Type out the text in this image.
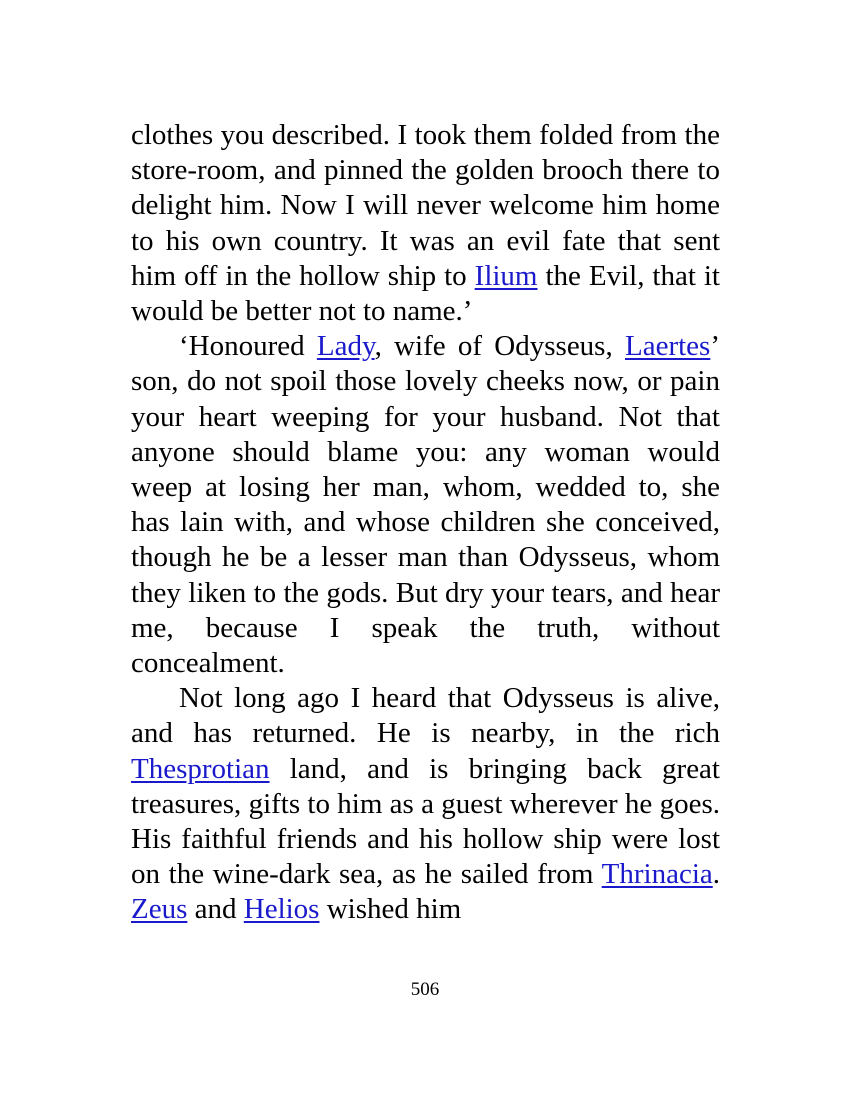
clothes you described. I took them folded from the store-room, and pinned the golden brooch there to delight him. Now I will never welcome him home to his own country. It was an evil fate that sent him off in the hollow ship to Ilium the Evil, that it would be better not to name.’

‘Honoured Lady, wife of Odysseus, Laertes’ son, do not spoil those lovely cheeks now, or pain your heart weeping for your husband. Not that anyone should blame you: any woman would weep at losing her man, whom, wedded to, she has lain with, and whose children she conceived, though he be a lesser man than Odysseus, whom they liken to the gods. But dry your tears, and hear me, because I speak the truth, without concealment.

Not long ago I heard that Odysseus is alive, and has returned. He is nearby, in the rich Thesprotian land, and is bringing back great treasures, gifts to him as a guest wherever he goes. His faithful friends and his hollow ship were lost on the wine-dark sea, as he sailed from Thrinacia. Zeus and Helios wished him

506
